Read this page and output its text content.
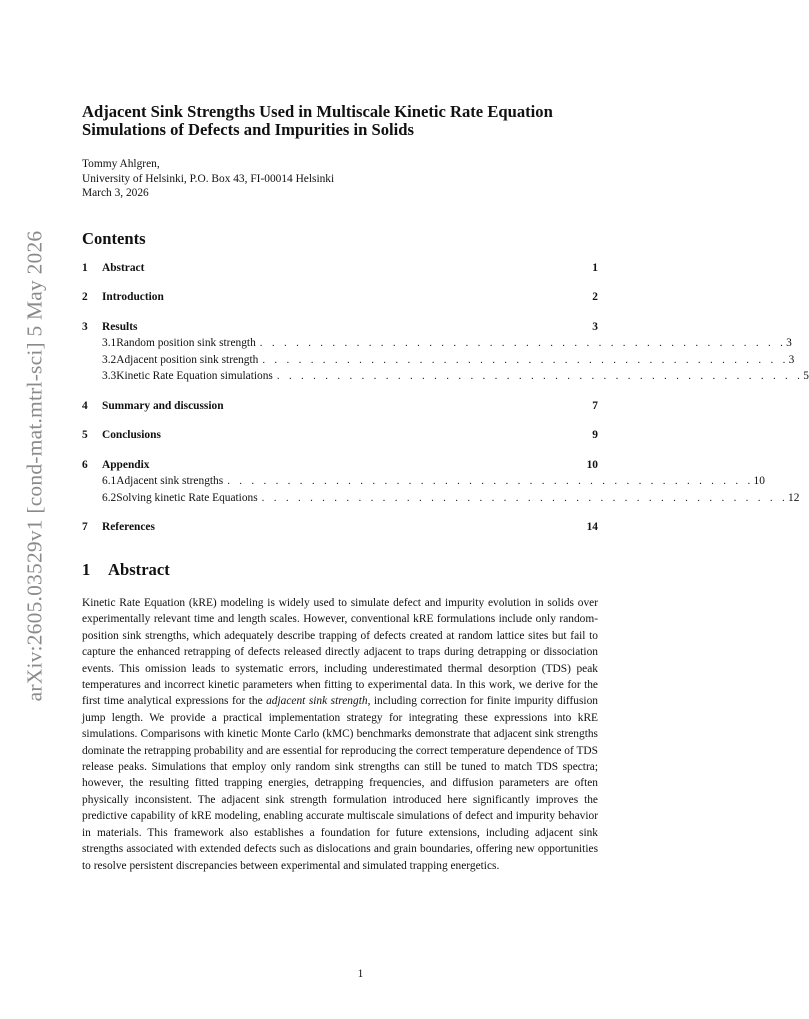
arXiv:2605.03529v1 [cond-mat.mtrl-sci] 5 May 2026
Adjacent Sink Strengths Used in Multiscale Kinetic Rate Equation Simulations of Defects and Impurities in Solids
Tommy Ahlgren,
University of Helsinki, P.O. Box 43, FI-00014 Helsinki
March 3, 2026
Contents
1	Abstract	1
2	Introduction	2
3	Results	3
3.1 Random position sink strength . . . . . . . . . . . . . . . . . . . . . . . . . . . . . . . . . . . . . . . . . . . . 3
3.2 Adjacent position sink strength . . . . . . . . . . . . . . . . . . . . . . . . . . . . . . . . . . . . . . . . . . . . 3
3.3 Kinetic Rate Equation simulations . . . . . . . . . . . . . . . . . . . . . . . . . . . . . . . . . . . . . . . . . . . . 5
4	Summary and discussion	7
5	Conclusions	9
6	Appendix	10
6.1 Adjacent sink strengths . . . . . . . . . . . . . . . . . . . . . . . . . . . . . . . . . . . . . . . . . . . . 10
6.2 Solving kinetic Rate Equations . . . . . . . . . . . . . . . . . . . . . . . . . . . . . . . . . . . . . . . . . . . . 12
7	References	14
1 Abstract

Kinetic Rate Equation (kRE) modeling is widely used to simulate defect and impurity evolution in solids over experimentally relevant time and length scales. However, conventional kRE formulations include only random-position sink strengths, which adequately describe trapping of defects created at random lattice sites but fail to capture the enhanced retrapping of defects released directly adjacent to traps during detrapping or dissociation events. This omission leads to systematic errors, including underestimated thermal desorption (TDS) peak temperatures and incorrect kinetic parameters when fitting to experimental data. In this work, we derive for the first time analytical expressions for the adjacent sink strength, including correction for finite impurity diffusion jump length. We provide a practical implementation strategy for integrating these expressions into kRE simulations. Comparisons with kinetic Monte Carlo (kMC) benchmarks demonstrate that adjacent sink strengths dominate the retrapping probability and are essential for reproducing the correct temperature dependence of TDS release peaks. Simulations that employ only random sink strengths can still be tuned to match TDS spectra; however, the resulting fitted trapping energies, detrapping frequencies, and diffusion parameters are often physically inconsistent. The adjacent sink strength formulation introduced here significantly improves the predictive capability of kRE modeling, enabling accurate multiscale simulations of defect and impurity behavior in materials. This framework also establishes a foundation for future extensions, including adjacent sink strengths associated with extended defects such as dislocations and grain boundaries, offering new opportunities to resolve persistent discrepancies between experimental and simulated trapping energetics.

1
